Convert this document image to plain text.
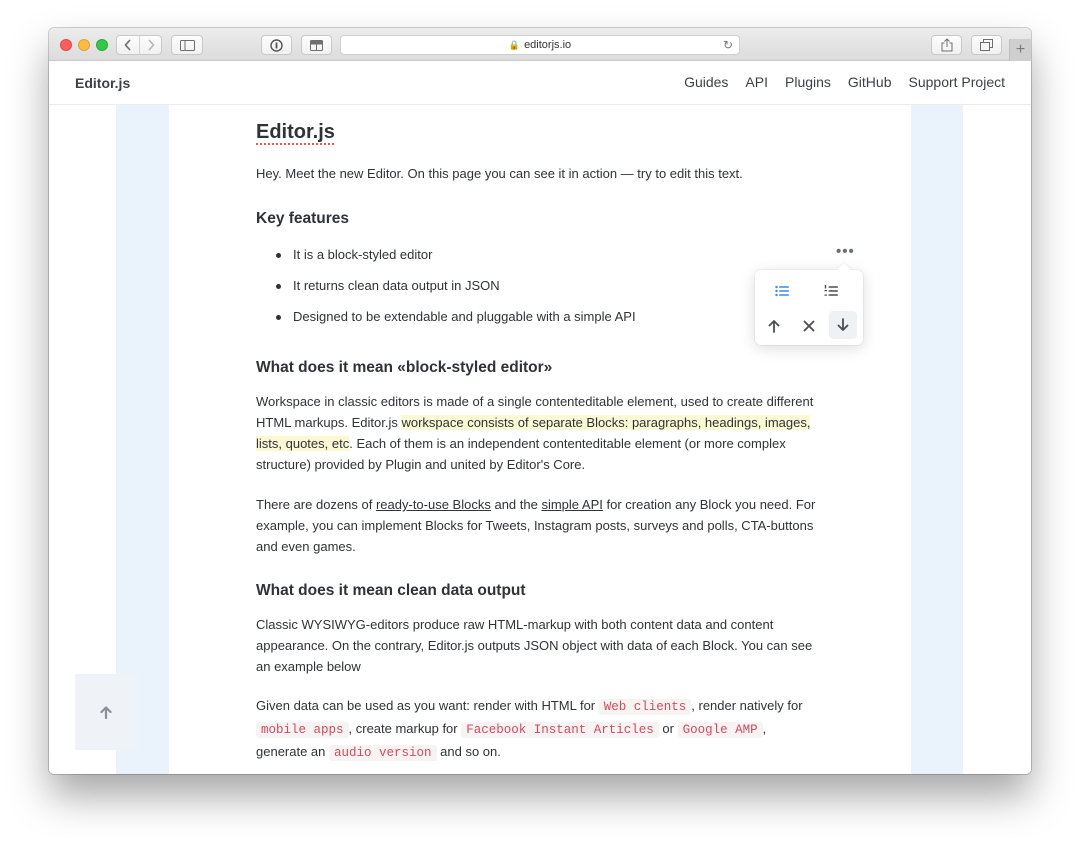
🔒 editorjs.io	↻	+
Editor.js	Guides API Plugins GitHub Support Project
Editor.js
Hey. Meet the new Editor. On this page you can see it in action — try to edit this text.
Key features
It is a block-styled editor
It returns clean data output in JSON
Designed to be extendable and pluggable with a simple API
What does it mean «block-styled editor»
Workspace in classic editors is made of a single contenteditable element, used to create different HTML markups. Editor.js workspace consists of separate Blocks: paragraphs, headings, images, lists, quotes, etc. Each of them is an independent contenteditable element (or more complex structure) provided by Plugin and united by Editor's Core.
There are dozens of ready-to-use Blocks and the simple API for creation any Block you need. For example, you can implement Blocks for Tweets, Instagram posts, surveys and polls, CTA-buttons and even games.
What does it mean clean data output
Classic WYSIWYG-editors produce raw HTML-markup with both content data and content appearance. On the contrary, Editor.js outputs JSON object with data of each Block. You can see an example below
Given data can be used as you want: render with HTML for Web clients , render natively for mobile apps , create markup for Facebook Instant Articles or Google AMP , generate an audio version and so on.
•••
